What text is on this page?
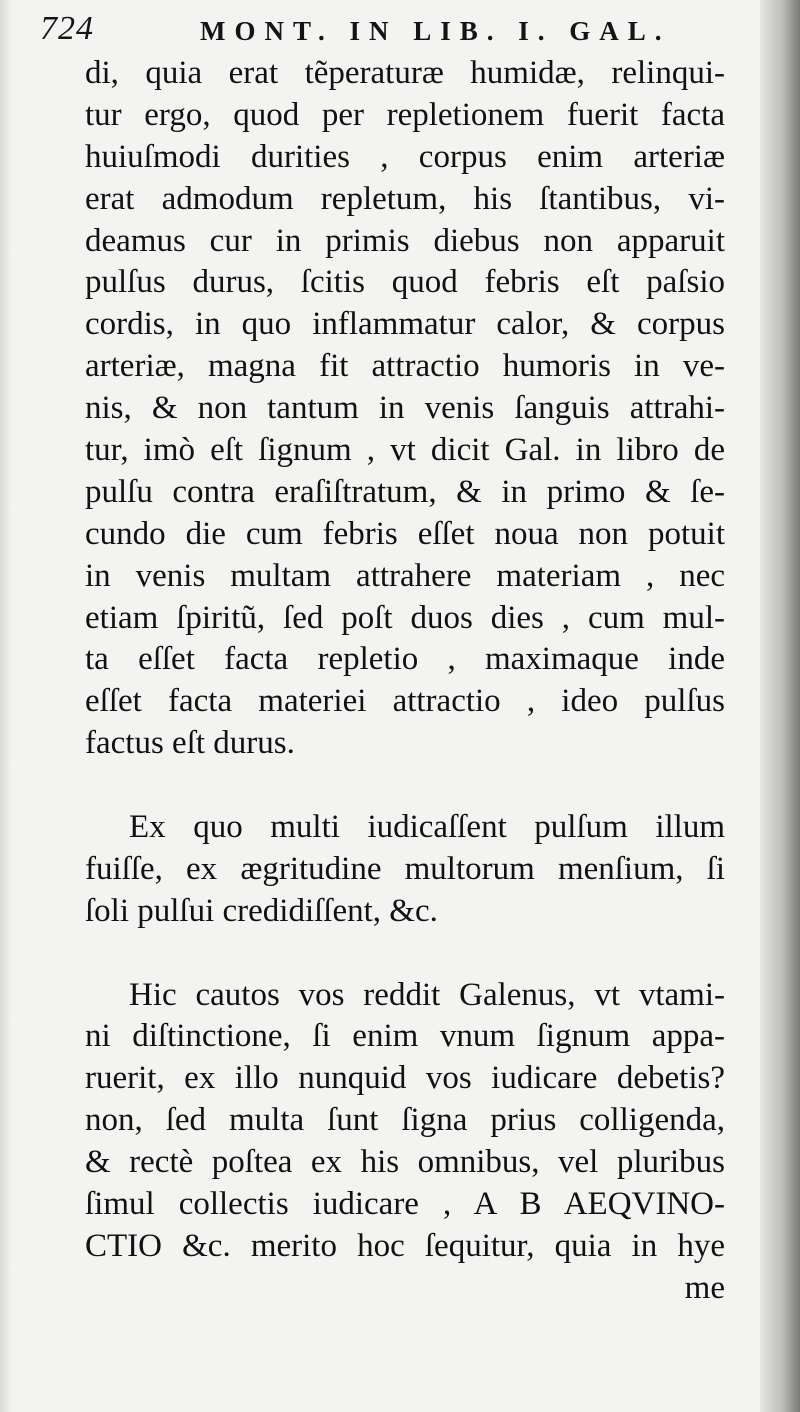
724	MONT. IN LIB. I. GAL.
di, quia erat tẽperaturæ humidæ, relinqui-
tur ergo, quod per repletionem fuerit facta
huiuſmodi durities , corpus enim arteriæ
erat admodum repletum, his ſtantibus, vi-
deamus cur in primis diebus non apparuit
pulſus durus, ſcitis quod febris eſt paſsio
cordis, in quo inflammatur calor, & corpus
arteriæ, magna fit attractio humoris in ve-
nis, & non tantum in venis ſanguis attrahi-
tur, imò eſt ſignum , vt dicit Gal. in libro de
pulſu contra eraſiſtratum, & in primo & ſe-
cundo die cum febris eſſet noua non potuit
in venis multam attrahere materiam , nec
etiam ſpiritũ, ſed poſt duos dies , cum mul-
ta eſſet facta repletio , maximaque inde
eſſet facta materiei attractio , ideo pulſus
factus eſt durus.
Ex quo multi iudicaſſent pulſum illum
fuiſſe, ex ægritudine multorum menſium, ſi
ſoli pulſui credidiſſent, &c.
Hic cautos vos reddit Galenus, vt vtami-
ni diſtinctione, ſi enim vnum ſignum appa-
ruerit, ex illo nunquid vos iudicare debetis?
non, ſed multa ſunt ſigna prius colligenda,
& rectè poſtea ex his omnibus, vel pluribus
ſimul collectis iudicare , A B AEQVINO-
CTIO &c. merito hoc ſequitur, quia in hye
me
